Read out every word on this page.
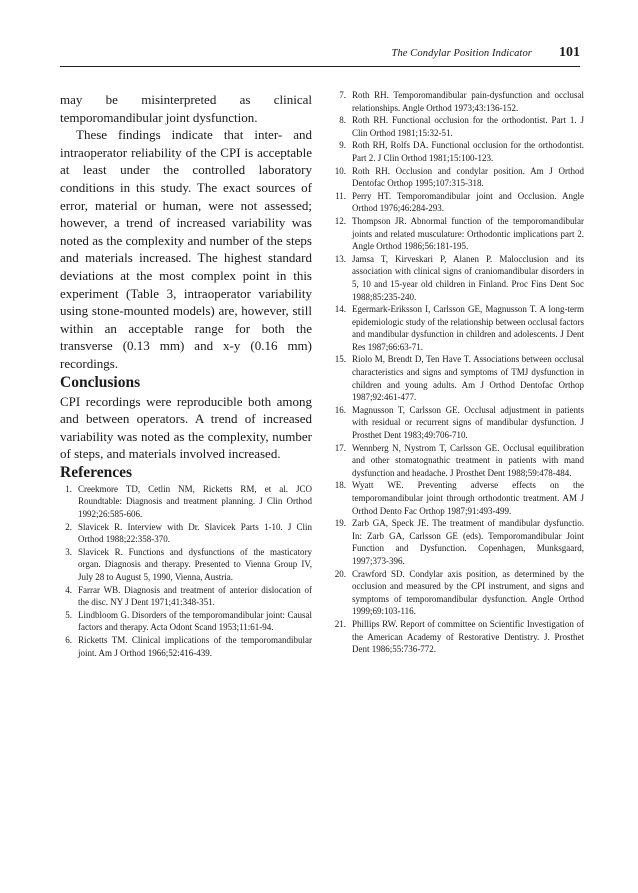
The Condylar Position Indicator 101

may be misinterpreted as clinical temporomandibular joint dysfunction.

These findings indicate that inter- and intraoperator reliability of the CPI is acceptable at least under the controlled laboratory conditions in this study. The exact sources of error, material or human, were not assessed; however, a trend of increased variability was noted as the complexity and number of the steps and materials increased. The highest standard deviations at the most complex point in this experiment (Table 3, intraoperator variability using stone-mounted models) are, however, still within an acceptable range for both the transverse (0.13 mm) and x-y (0.16 mm) recordings.

Conclusions

CPI recordings were reproducible both among and between operators. A trend of increased variability was noted as the complexity, number of steps, and materials involved increased.

References
1. Creekmore TD, Cetlin NM, Ricketts RM, et al. JCO Roundtable: Diagnosis and treatment planning. J Clin Orthod 1992;26:585-606.
2. Slavicek R. Interview with Dr. Slavicek Parts 1-10. J Clin Orthod 1988;22:358-370.
3. Slavicek R. Functions and dysfunctions of the masticatory organ. Diagnosis and therapy. Presented to Vienna Group IV, July 28 to August 5, 1990, Vienna, Austria.
4. Farrar WB. Diagnosis and treatment of anterior dislocation of the disc. NY J Dent 1971;41:348-351.
5. Lindbloom G. Disorders of the temporomandibular joint: Causal factors and therapy. Acta Odont Scand 1953;11:61-94.
6. Ricketts TM. Clinical implications of the temporomandibular joint. Am J Orthod 1966;52:416-439.
7. Roth RH. Temporomandibular pain-dysfunction and occlusal relationships. Angle Orthod 1973;43:136-152.
8. Roth RH. Functional occlusion for the orthodontist. Part 1. J Clin Orthod 1981;15:32-51.
9. Roth RH, Rolfs DA. Functional occlusion for the orthodontist. Part 2. J Clin Orthod 1981;15:100-123.
10. Roth RH. Occlusion and condylar position. Am J Orthod Dentofac Orthop 1995;107:315-318.
11. Perry HT. Temporomandibular joint and Occlusion. Angle Orthod 1976;46:284-293.
12. Thompson JR. Abnormal function of the temporomandibular joints and related musculature: Orthodontic implications part 2. Angle Orthod 1986;56:181-195.
13. Jamsa T, Kirveskari P, Alanen P. Malocclusion and its association with clinical signs of craniomandibular disorders in 5, 10 and 15-year old children in Finland. Proc Fins Dent Soc 1988;85:235-240.
14. Egermark-Eriksson I, Carlsson GE, Magnusson T. A long-term epidemiologic study of the relationship between occlusal factors and mandibular dysfunction in children and adolescents. J Dent Res 1987;66:63-71.
15. Riolo M, Brendt D, Ten Have T. Associations between occlusal characteristics and signs and symptoms of TMJ dysfunction in children and young adults. Am J Orthod Dentofac Orthop 1987;92:461-477.
16. Magnusson T, Carlsson GE. Occlusal adjustment in patients with residual or recurrent signs of mandibular dysfunction. J Prosthet Dent 1983;49:706-710.
17. Wennberg N, Nystrom T, Carlsson GE. Occlusal equilibration and other stomatognathic treatment in patients with mand dysfunction and headache. J Prosthet Dent 1988;59:478-484.
18. Wyatt WE. Preventing adverse effects on the temporomandibular joint through orthodontic treatment. AM J Orthod Dento Fac Orthop 1987;91:493-499.
19. Zarb GA, Speck JE. The treatment of mandibular dysfunctio. In: Zarb GA, Carlsson GE (eds). Temporomandibular Joint Function and Dysfunction. Copenhagen, Munksgaard, 1997;373-396.
20. Crawford SD. Condylar axis position, as determined by the occlusion and measured by the CPI instrument, and signs and symptoms of temporomandibular dysfunction. Angle Orthod 1999;69:103-116.
21. Phillips RW. Report of committee on Scientific Investigation of the American Academy of Restorative Dentistry. J. Prosthet Dent 1986;55:736-772.
